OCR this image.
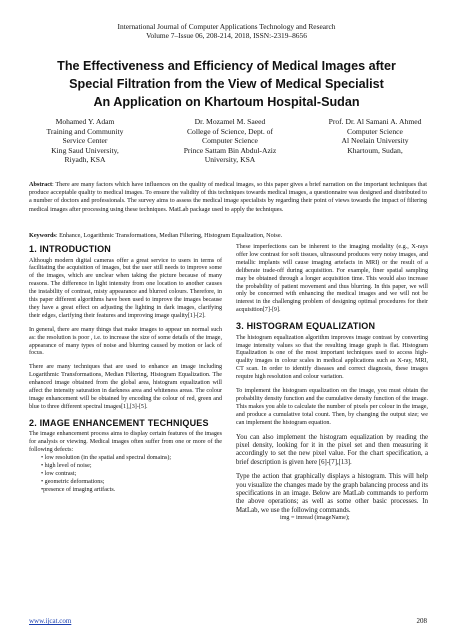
International Journal of Computer Applications Technology and Research
Volume 7–Issue 06, 208-214, 2018, ISSN:-2319–8656
The Effectiveness and Efficiency of Medical Images after
Special Filtration from the View of Medical Specialist
An Application on Khartoum Hospital-Sudan
Mohamed Y. Adam
Training and Community
Service Center
King Saud University,
Riyadh, KSA
Dr. Mozamel M. Saeed
College of Science, Dept. of
Computer Science
Prince Sattam Bin Abdul-Aziz
University, KSA
Prof. Dr. Al Samani A. Ahmed
Computer Science
Al Neelain University
Khartoum, Sudan,
Abstract: There are many factors which have influences on the quality of medical images, so this paper gives a brief narration on the important techniques that produce acceptable quality to medical images. To ensure the validity of this techniques towards medical images, a questionnaire was designed and distributed to a number of doctors and professionals. The survey aims to assess the medical image specialists by regarding their point of views towards the impact of filtering medical images after processing using these techniques. MatLab package used to apply the techniques.
Keywords: Enhance, Logarithmic Transformations, Median Filtering, Histogram Equalization, Noise.
1. INTRODUCTION

Although modern digital cameras offer a great service to users in terms of facilitating the acquisition of images, but the user still needs to improve some of the images, which are unclear when taking the picture because of many reasons. The difference in light intensity from one location to another causes the instability of contrast, misty appearance and blurred colours. Therefore, in this paper different algorithms have been used to improve the images because they have a great effect on adjusting the lighting in dark images, clarifying their edges, clarifying their features and improving image quality[1]-[2].

In general, there are many things that make images to appear un normal such as: the resolution is poor , i.e. to increase the size of some details of the image, appearance of many types of noise and blurring caused by motion or lack of focus.

There are many techniques that are used to enhance an image including Logarithmic Transformations, Median Filtering, Histogram Equalization. The enhanced image obtained from the global area, histogram equalization will affect the intensity saturation in darkness area and whiteness areas. The colour image enhancement will be obtained by encoding the colour of red, green and blue to three different spectral images[1],[3]-[5].

2. IMAGE ENHANCEMENT TECHNIQUES

The image enhancement process aims to display certain features of the images for analysis or viewing. Medical images often suffer from one or more of the following defects:

• low resolution (in the spatial and spectral domains);
• high level of noise;
• low contrast;
• geometric deformations;
•presence of imaging artifacts.

These imperfections can be inherent to the imaging modality (e.g., X-rays offer low contrast for soft tissues, ultrasound produces very noisy images, and metallic implants will cause imaging artefacts in MRI) or the result of a deliberate trade-off during acquisition. For example, finer spatial sampling may be obtained through a longer acquisition time. This would also increase the probability of patient movement and thus blurring. In this paper, we will only be concerned with enhancing the medical images and we will not be interest in the challenging problem of designing optimal procedures for their acquisition[7]-[9].

3. HISTOGRAM EQUALIZATION

The histogram equalization algorithm improves image contrast by converting image intensity values so that the resulting image graph is flat. Histogram Equalization is one of the most important techniques used to access high-quality images in colour scales in medical applications such as X-ray, MRI, CT scan. In order to identify diseases and correct diagnosis, these images require high resolution and colour variation.

To implement the histogram equalization on the image, you must obtain the probability density function and the cumulative density function of the image. This makes you able to calculate the number of pixels per colour in the image, and produce a cumulative total count. Then, by changing the output size; we can implement the histogram equation.

You can also implement the histogram equalization by reading the pixel density, looking for it in the pixel set and then measuring it accordingly to set the new pixel value. For the chart specification, a brief description is given here [6]-[7],[13].

Type the action that graphically displays a histogram. This will help you visualize the changes made by the graph balancing process and its specifications in an image. Below are MatLab commands to perform the above operations; as well as some other basic processes. In MatLab, we use the following commands.

img = imread (imageName);
www.ijcat.com	208
